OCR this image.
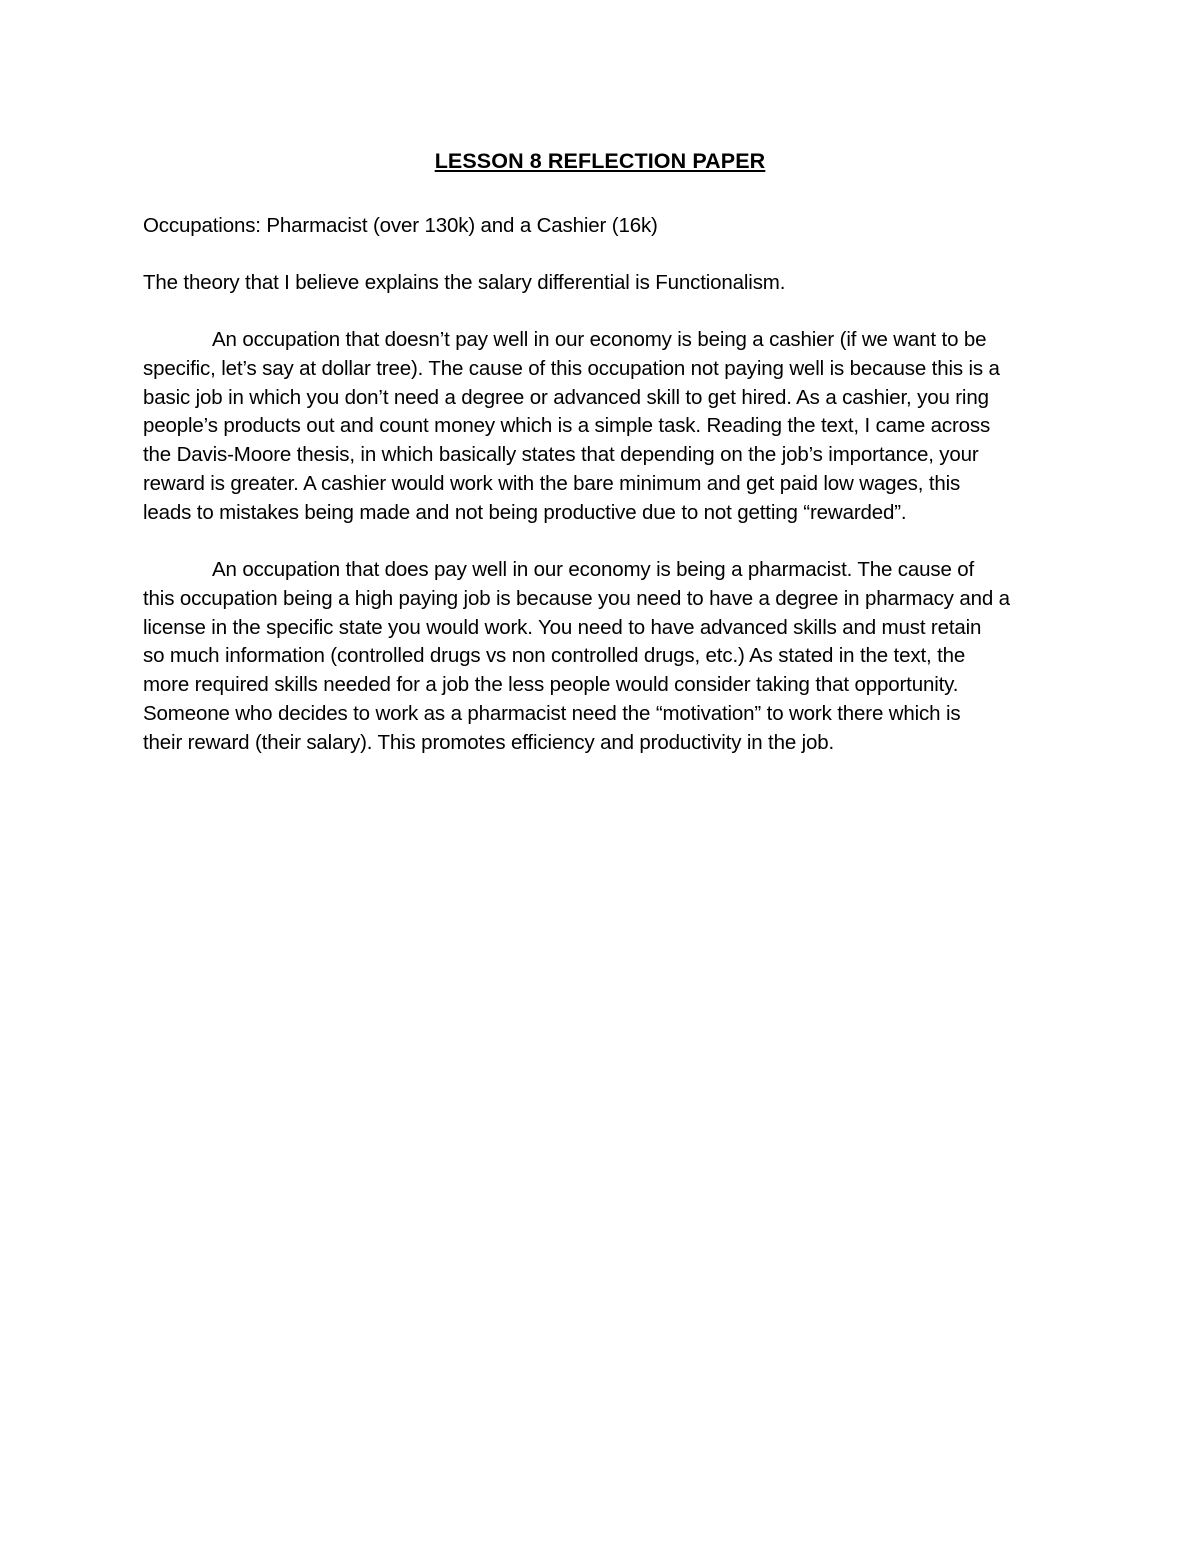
LESSON 8 REFLECTION PAPER
Occupations: Pharmacist (over 130k) and a Cashier (16k)
The theory that I believe explains the salary differential is Functionalism.
An occupation that doesn’t pay well in our economy is being a cashier (if we want to be
specific, let’s say at dollar tree). The cause of this occupation not paying well is because this is a
basic job in which you don’t need a degree or advanced skill to get hired. As a cashier, you ring
people’s products out and count money which is a simple task. Reading the text, I came across
the Davis-Moore thesis, in which basically states that depending on the job’s importance, your
reward is greater. A cashier would work with the bare minimum and get paid low wages, this
leads to mistakes being made and not being productive due to not getting “rewarded”.
An occupation that does pay well in our economy is being a pharmacist. The cause of
this occupation being a high paying job is because you need to have a degree in pharmacy and a
license in the specific state you would work. You need to have advanced skills and must retain
so much information (controlled drugs vs non controlled drugs, etc.) As stated in the text, the
more required skills needed for a job the less people would consider taking that opportunity.
Someone who decides to work as a pharmacist need the “motivation” to work there which is
their reward (their salary). This promotes efficiency and productivity in the job.
